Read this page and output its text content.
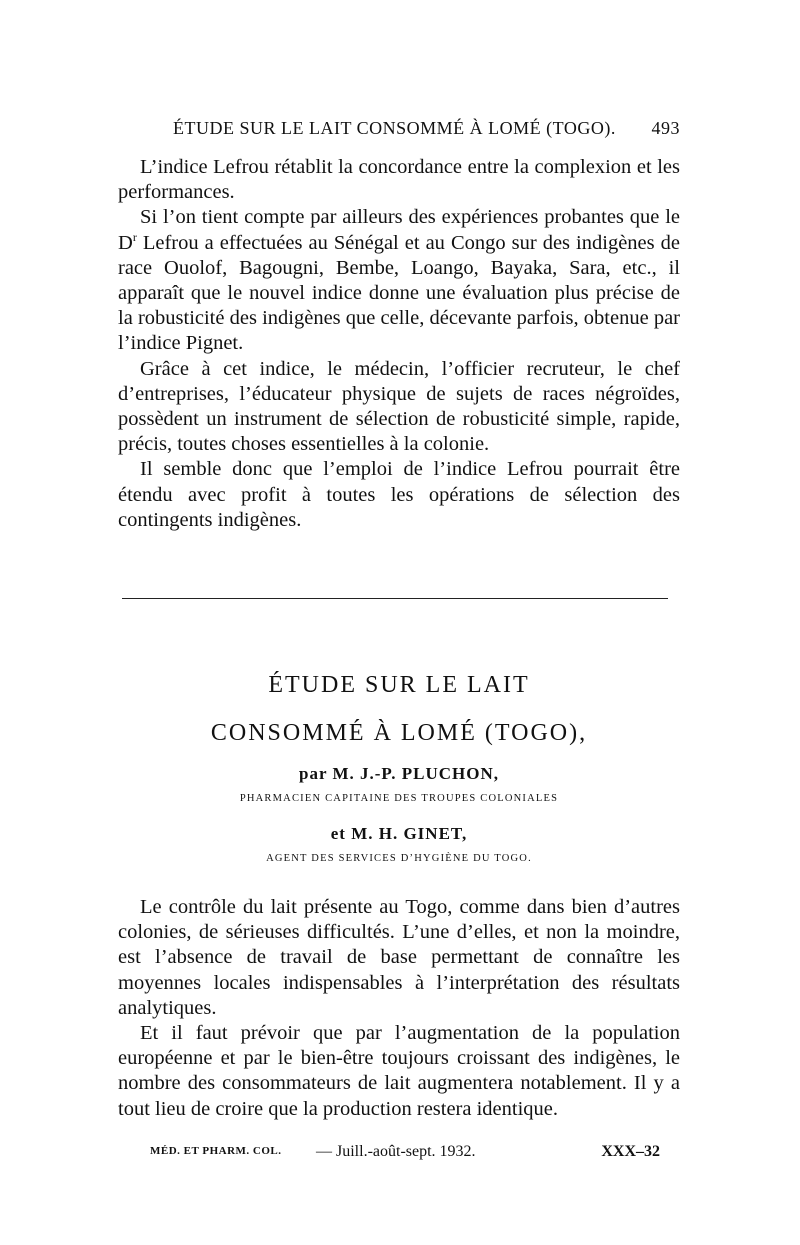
ÉTUDE SUR LE LAIT CONSOMMÉ À LOMÉ (TOGO). 493

L’indice Lefrou rétablit la concordance entre la complexion et les performances.

Si l’on tient compte par ailleurs des expériences probantes que le $D^r$ Lefrou a effectuées au Sénégal et au Congo sur des indigènes de race Ouolof, Bagougni, Bembe, Loango, Bayaka, Sara, etc., il apparaît que le nouvel indice donne une évaluation plus précise de la robusticité des indigènes que celle, décevante parfois, obtenue par l’indice Pignet.

Grâce à cet indice, le médecin, l’officier recruteur, le chef d’entreprises, l’éducateur physique de sujets de races négroïdes, possèdent un instrument de sélection de robusticité simple, rapide, précis, toutes choses essentielles à la colonie.

Il semble donc que l’emploi de l’indice Lefrou pourrait être étendu avec profit à toutes les opérations de sélection des contingents indigènes.

ÉTUDE SUR LE LAIT
CONSOMMÉ À LOMÉ (TOGO),
par M. J.-P. PLUCHON,
PHARMACIEN CAPITAINE DES TROUPES COLONIALES
et M. H. GINET,
AGENT DES SERVICES D’HYGIÈNE DU TOGO.

Le contrôle du lait présente au Togo, comme dans bien d’autres colonies, de sérieuses difficultés. L’une d’elles, et non la moindre, est l’absence de travail de base permettant de connaître les moyennes locales indispensables à l’interprétation des résultats analytiques.

Et il faut prévoir que par l’augmentation de la population européenne et par le bien-être toujours croissant des indigènes, le nombre des consommateurs de lait augmentera notablement. Il y a tout lieu de croire que la production restera identique.

MÉD. ET PHARM. COL. — Juill.-août-sept. 1932.	XXX–32
